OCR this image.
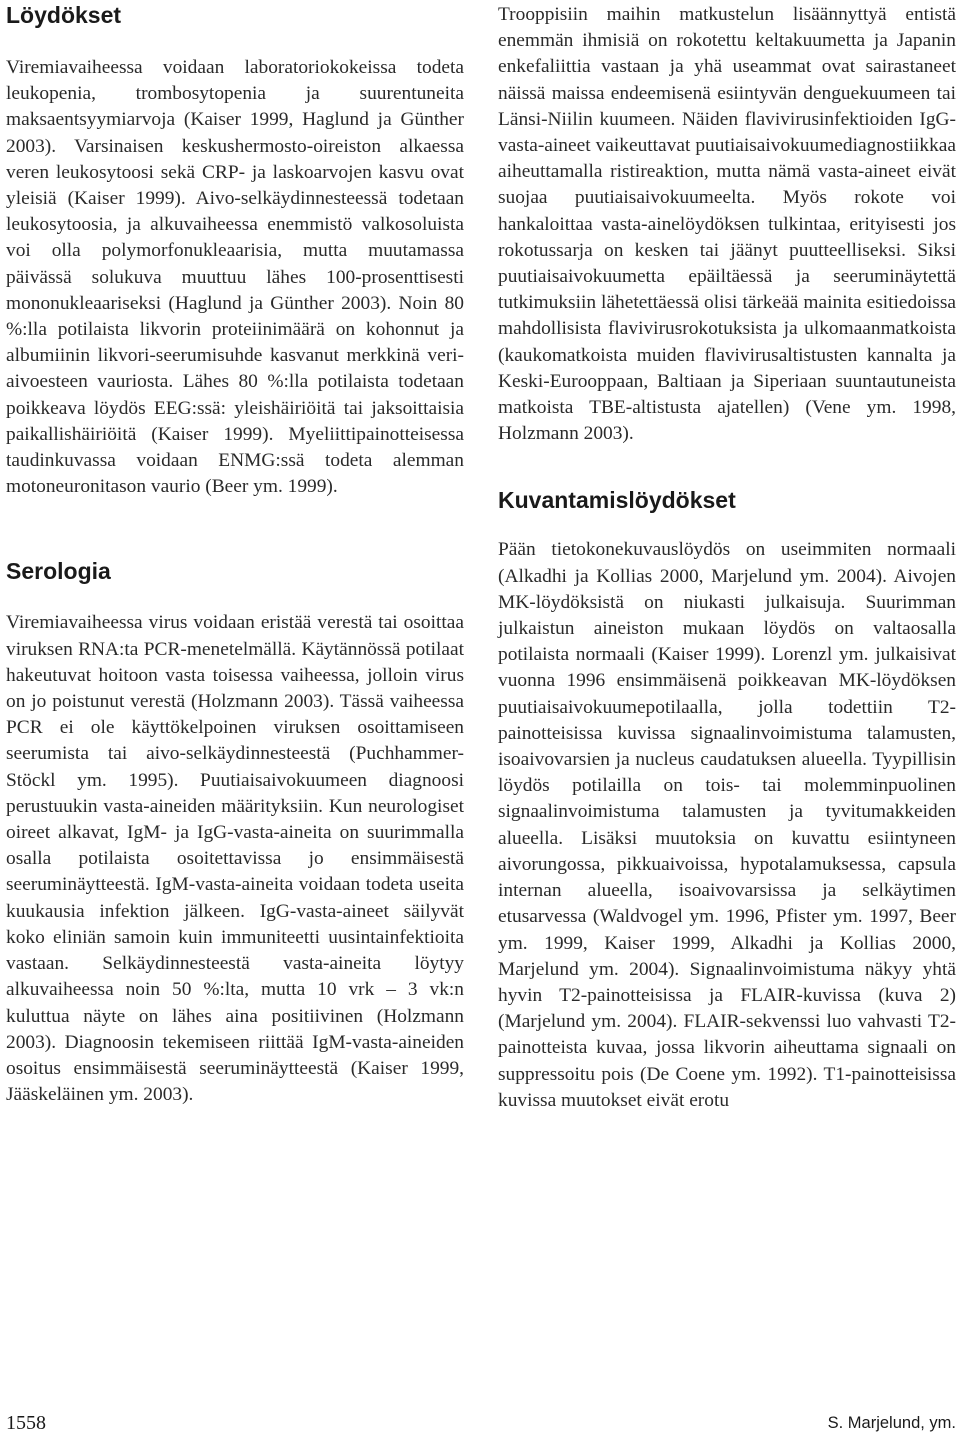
Löydökset

Viremiavaiheessa voidaan laboratoriokokeissa todeta leukopenia, trombosytopenia ja suurentuneita maksaentsyymiarvoja (Kaiser 1999, Haglund ja Günther 2003). Varsinaisen keskushermosto-oireiston alkaessa veren leukosytoosi sekä CRP- ja laskoarvojen kasvu ovat yleisiä (Kaiser 1999). Aivo-selkäydinnesteessä todetaan leukosytoosia, ja alkuvaiheessa enemmistö valkosoluista voi olla polymorfonukleaarisia, mutta muutamassa päivässä solukuva muuttuu lähes 100-prosenttisesti mononukleaariseksi (Haglund ja Günther 2003). Noin 80 %:lla potilaista likvorin proteiinimäärä on kohonnut ja albumiinin likvori-seerumisuhde kasvanut merkkinä veri-aivoesteen vauriosta. Lähes 80 %:lla potilaista todetaan poikkeava löydös EEG:ssä: yleishäiriöitä tai jaksoittaisia paikallishäiriöitä (Kaiser 1999). Myeliittipainotteisessa taudinkuvassa voidaan ENMG:ssä todeta alemman motoneuronitason vaurio (Beer ym. 1999).

Serologia

Viremiavaiheessa virus voidaan eristää verestä tai osoittaa viruksen RNA:ta PCR-menetelmällä. Käytännössä potilaat hakeutuvat hoitoon vasta toisessa vaiheessa, jolloin virus on jo poistunut verestä (Holzmann 2003). Tässä vaiheessa PCR ei ole käyttökelpoinen viruksen osoittamiseen seerumista tai aivo-selkäydinnesteestä (Puchhammer-Stöckl ym. 1995). Puutiaisaivokuumeen diagnoosi perustuukin vasta-aineiden määrityksiin. Kun neurologiset oireet alkavat, IgM- ja IgG-vasta-aineita on suurimmalla osalla potilaista osoitettavissa jo ensimmäisestä seeruminäytteestä. IgM-vasta-aineita voidaan todeta useita kuukausia infektion jälkeen. IgG-vasta-aineet säilyvät koko eliniän samoin kuin immuniteetti uusintainfektioita vastaan. Selkäydinnesteestä vasta-aineita löytyy alkuvaiheessa noin 50 %:lta, mutta 10 vrk – 3 vk:n kuluttua näyte on lähes aina positiivinen (Holzmann 2003). Diagnoosin tekemiseen riittää IgM-vasta-aineiden osoitus ensimmäisestä seeruminäytteestä (Kaiser 1999, Jääskeläinen ym. 2003).

Trooppisiin maihin matkustelun lisäännyttyä entistä enemmän ihmisiä on rokotettu keltakuumetta ja Japanin enkefaliittia vastaan ja yhä useammat ovat sairastaneet näissä maissa endeemisenä esiintyvän denguekuumeen tai Länsi-Niilin kuumeen. Näiden flavivirusinfektioiden IgG-vasta-aineet vaikeuttavat puutiaisaivokuumediagnostiikkaa aiheuttamalla ristireaktion, mutta nämä vasta-aineet eivät suojaa puutiaisaivokuumeelta. Myös rokote voi hankaloittaa vasta-ainelöydöksen tulkintaa, erityisesti jos rokotussarja on kesken tai jäänyt puutteelliseksi. Siksi puutiaisaivokuumetta epäiltäessä ja seeruminäytettä tutkimuksiin lähetettäessä olisi tärkeää mainita esitiedoissa mahdollisista flavivirusrokotuksista ja ulkomaanmatkoista (kaukomatkoista muiden flavivirusaltistusten kannalta ja Keski-Eurooppaan, Baltiaan ja Siperiaan suuntautuneista matkoista TBE-altistusta ajatellen) (Vene ym. 1998, Holzmann 2003).

Kuvantamislöydökset

Pään tietokonekuvauslöydös on useimmiten normaali (Alkadhi ja Kollias 2000, Marjelund ym. 2004). Aivojen MK-löydöksistä on niukasti julkaisuja. Suurimman julkaistun aineiston mukaan löydös on valtaosalla potilaista normaali (Kaiser 1999). Lorenzl ym. julkaisivat vuonna 1996 ensimmäisenä poikkeavan MK-löydöksen puutiaisaivokuumepotilaalla, jolla todettiin T2-painotteisissa kuvissa signaalinvoimistuma talamusten, isoaivovarsien ja nucleus caudatuksen alueella. Tyypillisin löydös potilailla on tois- tai molemminpuolinen signaalinvoimistuma talamusten ja tyvitumakkeiden alueella. Lisäksi muutoksia on kuvattu esiintyneen aivorungossa, pikkuaivoissa, hypotalamuksessa, capsula internan alueella, isoaivovarsissa ja selkäytimen etusarvessa (Waldvogel ym. 1996, Pfister ym. 1997, Beer ym. 1999, Kaiser 1999, Alkadhi ja Kollias 2000, Marjelund ym. 2004). Signaalinvoimistuma näkyy yhtä hyvin T2-painotteisissa ja FLAIR-kuvissa (kuva 2) (Marjelund ym. 2004). FLAIR-sekvenssi luo vahvasti T2-painotteista kuvaa, jossa likvorin aiheuttama signaali on suppressoitu pois (De Coene ym. 1992). T1-painotteisissa kuvissa muutokset eivät erotu

1558	S. Marjelund, ym.
